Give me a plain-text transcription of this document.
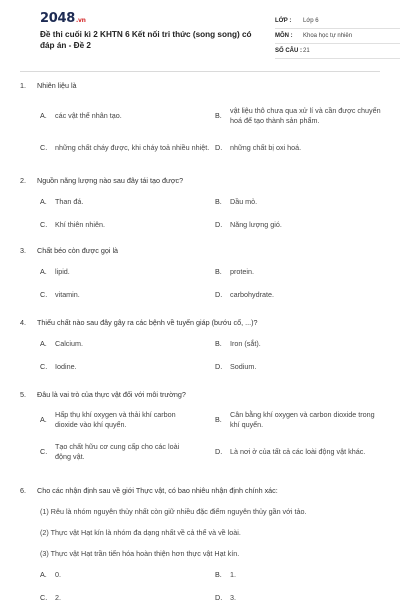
2048.vn
Đề thi cuối kì 2 KHTN 6 Kết nối tri thức (song song) có đáp án - Đề 2
LỚP :	Lớp 6
MÔN :	Khoa học tự nhiên
SỐ CÂU : 21
1.	Nhiên liệu là
A.	các vật thể nhân tạo.	B.
vật liệu thô chưa qua xử lí và cần được chuyển hoá để tạo thành sản phẩm.
C.	những chất cháy được, khi cháy toả nhiều nhiệt. D.	những chất bị oxi hoá.
2.	Nguồn năng lượng nào sau đây tái tạo được?
A.	Than đá.	B.	Dầu mỏ.
C.	Khí thiên nhiên.	D.	Năng lượng gió.
3.	Chất béo còn được gọi là
A.	lipid.	B.	protein.
C.	vitamin.	D.	carbohydrate.
4.	Thiếu chất nào sau đây gây ra các bệnh về tuyến giáp (bướu cổ, ...)?
A.	Calcium.	B.	Iron (sắt).
C.	Iodine.	D.	Sodium.
5.	Đâu là vai trò của thực vật đối với môi trường?
A.
Hấp thụ khí oxygen và thải khí carbon dioxide vào khí quyển.
B.
Cân bằng khí oxygen và carbon dioxide trong khí quyển.
C.
Tạo chất hữu cơ cung cấp cho các loài động vật.
D.	Là nơi ở của tất cả các loài động vật khác.
6.	Cho các nhận định sau về giới Thực vật, có bao nhiêu nhận định chính xác:
(1) Rêu là nhóm nguyên thủy nhất còn giữ nhiều đặc điểm nguyên thủy gần với tảo.
(2) Thực vật Hạt kín là nhóm đa dạng nhất về cả thể và về loài.
(3) Thực vật Hạt trần tiến hóa hoàn thiện hơn thực vật Hạt kín.
A.	0.	B.	1.
C.	2.	D.	3.
